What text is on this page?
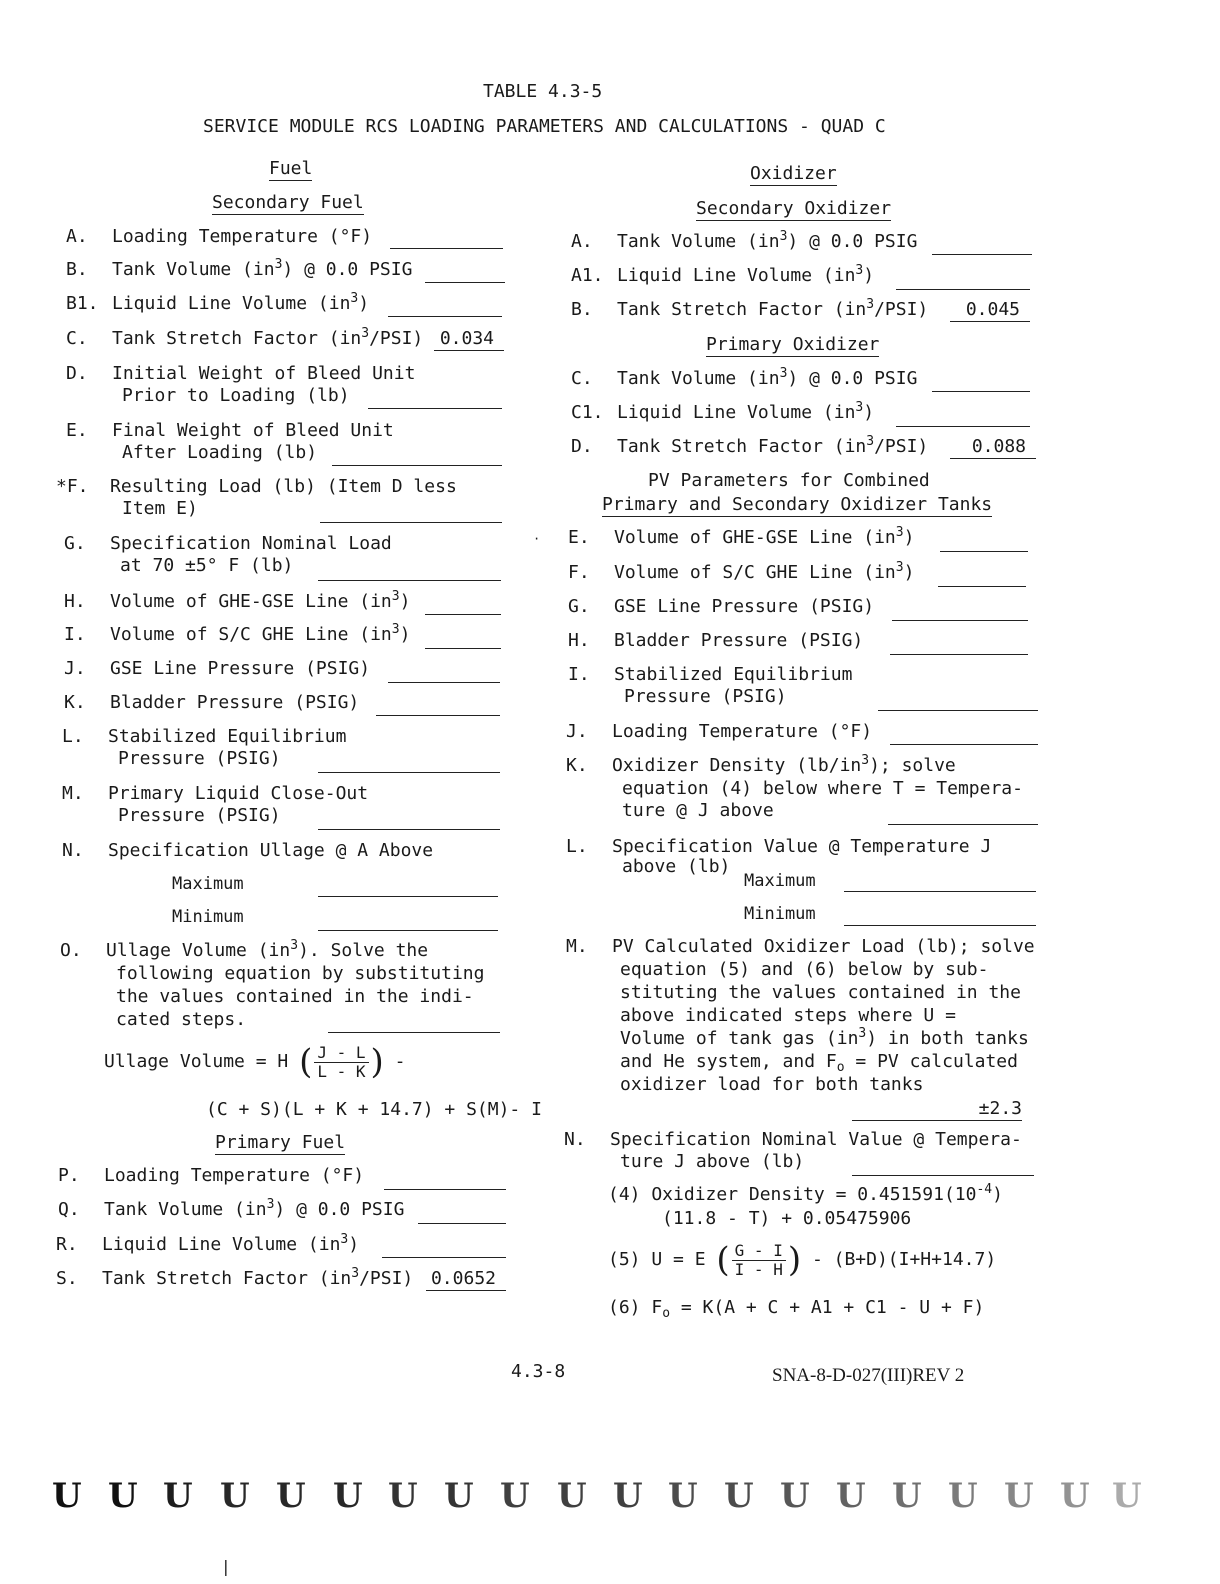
TABLE 4.3-5
SERVICE MODULE RCS LOADING PARAMETERS AND CALCULATIONS - QUAD C
Fuel
Secondary Fuel
A. Loading Temperature (°F)
B. Tank Volume $(in^3)$ @ 0.0 PSIG
B1. Liquid Line Volume $(in^3)$
C. Tank Stretch Factor $(in^3/PSI)$ 0.034
D. Initial Weight of Bleed Unit
Prior to Loading (lb)
E. Final Weight of Bleed Unit
After Loading (lb)
*F. Resulting Load (lb) (Item D less
Item E)
G. Specification Nominal Load
at 70 ±5° F (lb)
H. Volume of GHE-GSE Line $(in^3)$
I. Volume of S/C GHE Line $(in^3)$
J. GSE Line Pressure (PSIG)
K. Bladder Pressure (PSIG)
L. Stabilized Equilibrium
Pressure (PSIG)
M. Primary Liquid Close-Out
Pressure (PSIG)
N. Specification Ullage @ A Above
Maximum
Minimum
O. Ullage Volume $(in^3)$. Solve the
following equation by substituting
the values contained in the indi-
cated steps.
Ullage Volume = H ( $\frac{J - L}{L - K}$ ) -
(C + S)(L + K + 14.7) + S(M)- I
Primary Fuel
P. Loading Temperature (°F)
Q. Tank Volume $(in^3)$ @ 0.0 PSIG
R. Liquid Line Volume $(in^3)$
S. Tank Stretch Factor $(in^3/PSI)$ 0.0652
Oxidizer
Secondary Oxidizer
A. Tank Volume $(in^3)$ @ 0.0 PSIG
A1. Liquid Line Volume $(in^3)$
B. Tank Stretch Factor $(in^3/PSI)$	0.045
Primary Oxidizer
C. Tank Volume $(in^3)$ @ 0.0 PSIG
C1. Liquid Line Volume $(in^3)$
D. Tank Stretch Factor $(in^3/PSI)$	0.088
PV Parameters for Combined
Primary and Secondary Oxidizer Tanks
E. Volume of GHE-GSE Line $(in^3)$
F. Volume of S/C GHE Line $(in^3)$
G. GSE Line Pressure (PSIG)
H. Bladder Pressure (PSIG)
I. Stabilized Equilibrium
Pressure (PSIG)
J. Loading Temperature (°F)
K. Oxidizer Density $(lb/in^3)$; solve
equation (4) below where T = Tempera-
ture @ J above
L. Specification Value @ Temperature J
above (lb)
Maximum
Minimum
M. PV Calculated Oxidizer Load (lb); solve
equation (5) and (6) below by sub-
stituting the values contained in the
above indicated steps where U =
Volume of tank gas $(in^3)$ in both tanks
and He system, and $F_o$ = PV calculated
oxidizer load for both tanks
±2.3
N. Specification Nominal Value @ Tempera-
ture J above (lb)
(4) Oxidizer Density = $0.451591(10^{-4})$
(11.8 - T) + 0.05475906
(5) U = E ( $\frac{G - I}{I - H}$ ) - (B+D)(I+H+14.7)
(6) $F_o = K(A + C + A1 + C1 - U + F)$
·
4.3-8	SNA-8-D-027(III)REV 2
U U U U U U U U U U U U U U U U U U U U
|
